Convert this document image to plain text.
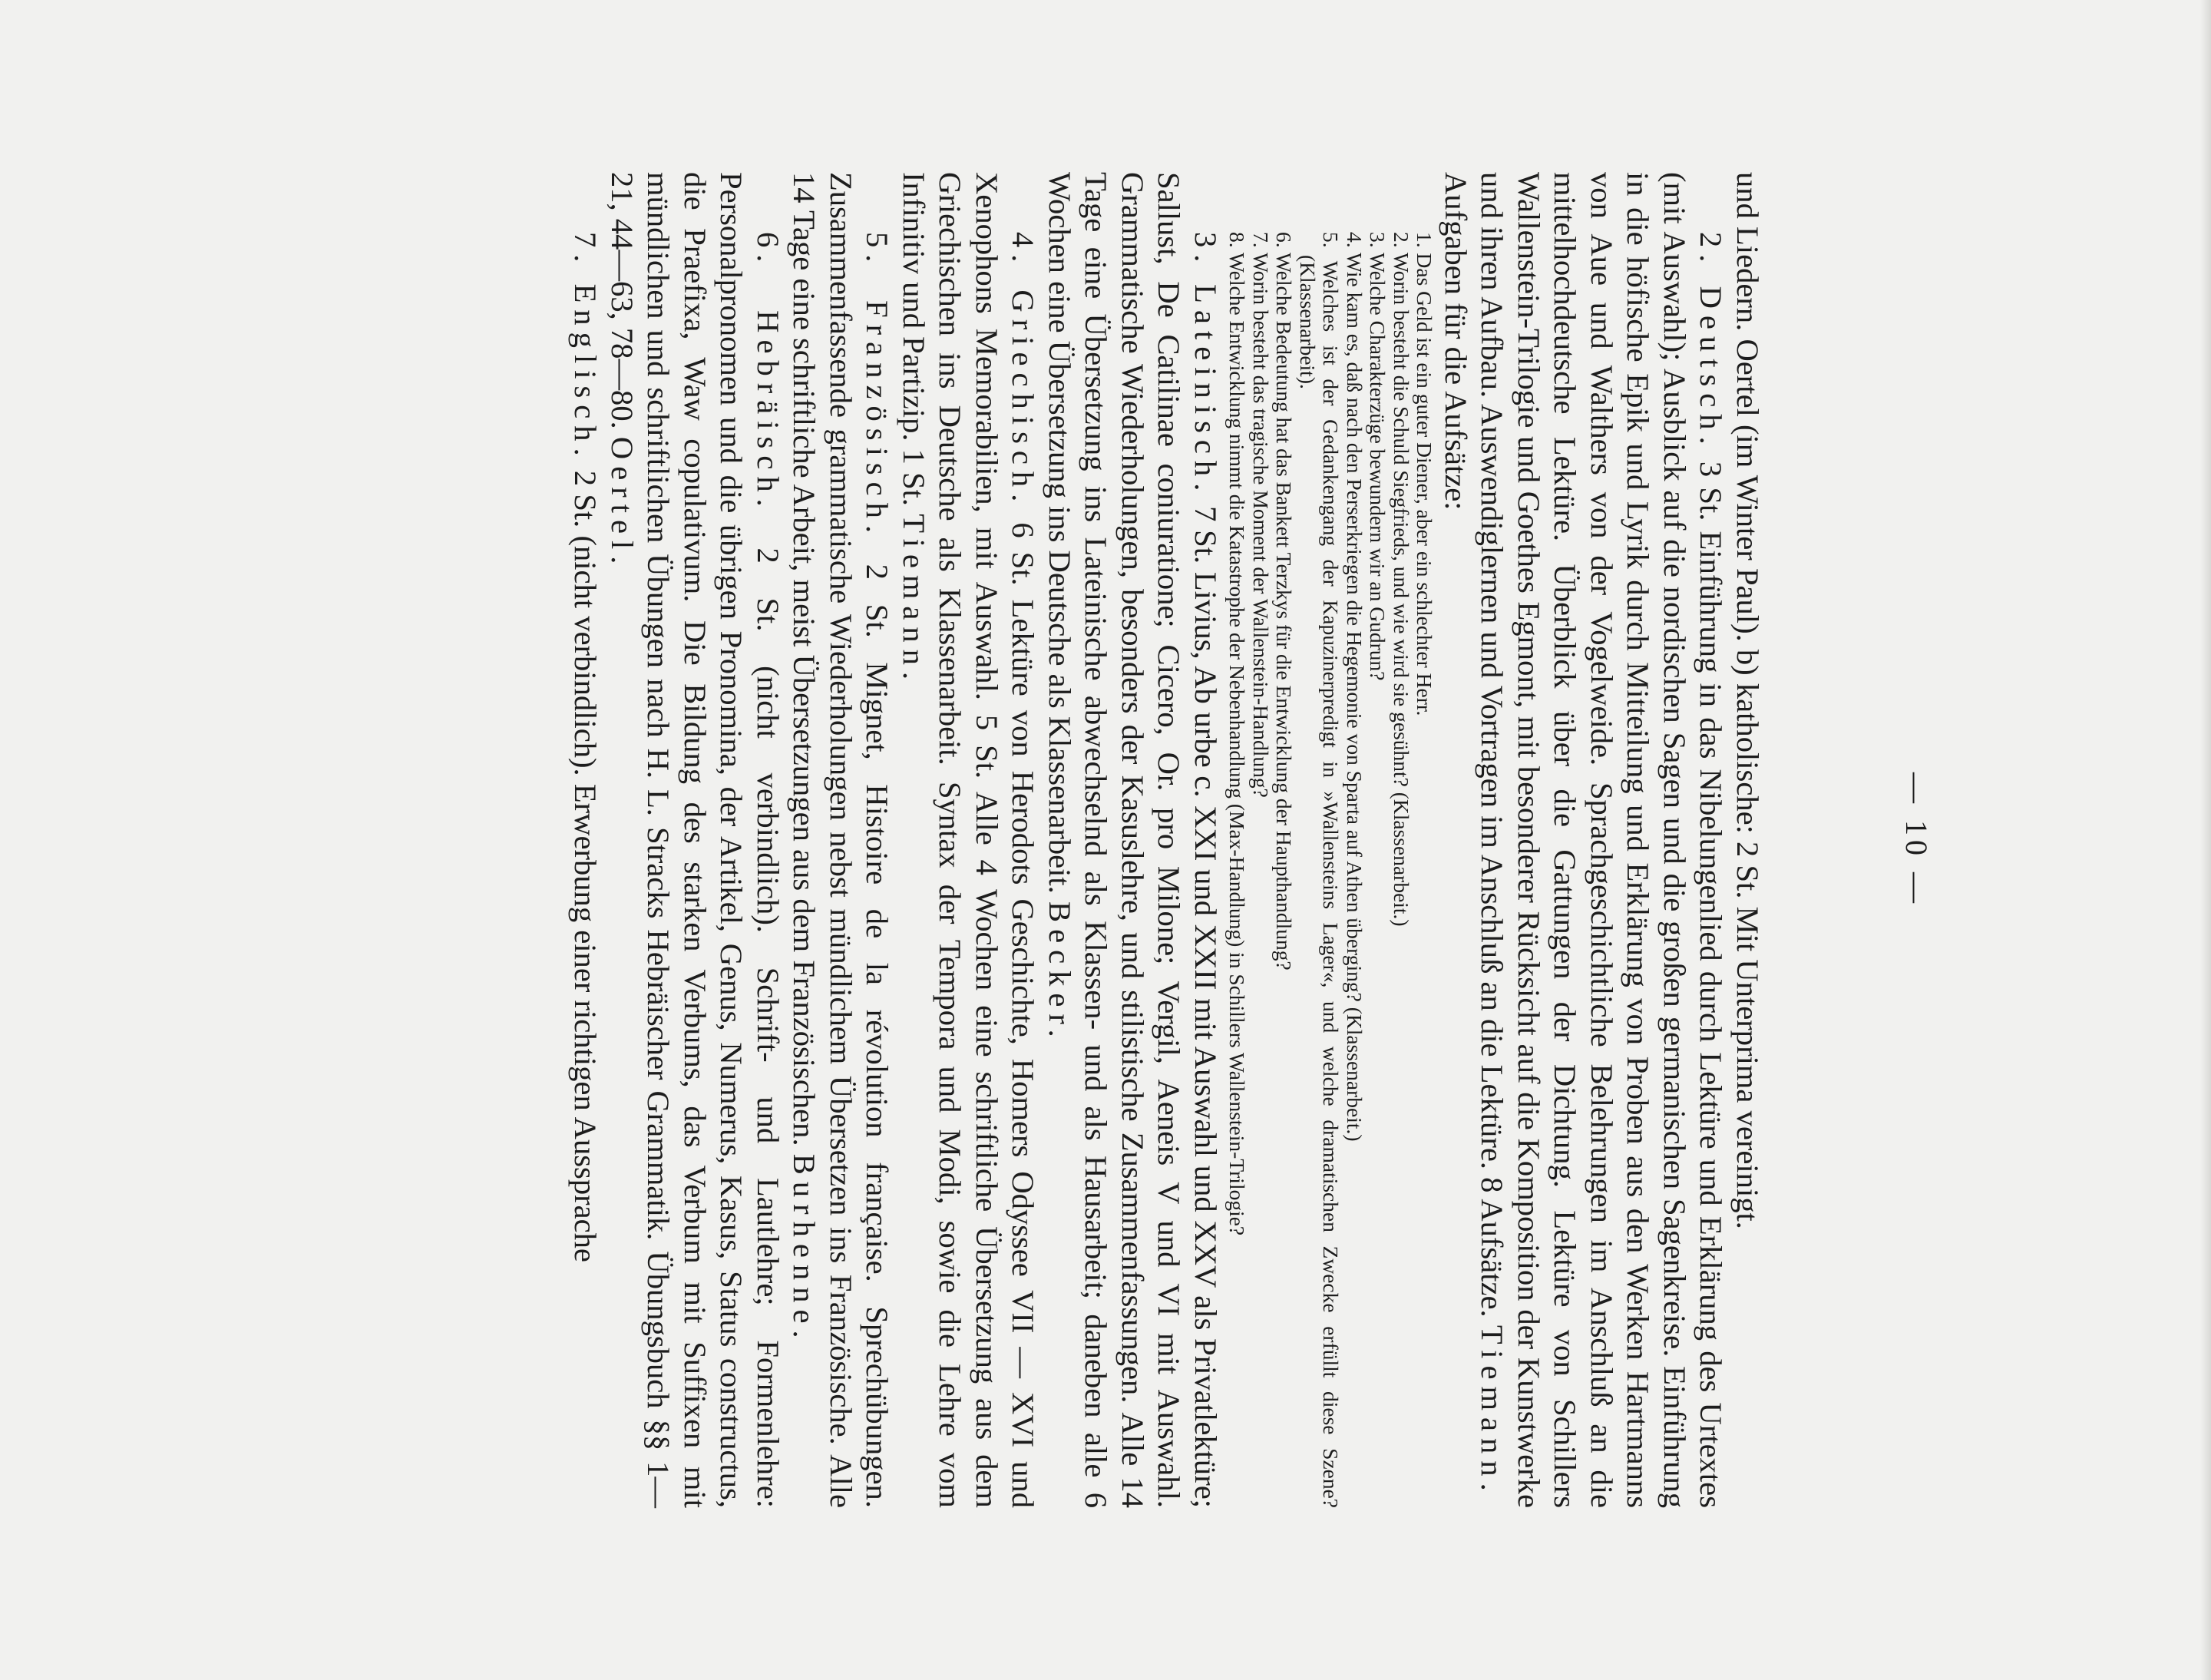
— 10 —

und Liedern. Oertel (im Winter Paul). b) katholische: 2 St. Mit Unterprima vereinigt.

2. Deutsch. 3 St. Einführung in das Nibelungenlied durch Lektüre und Erklärung des Urtextes (mit Auswahl); Ausblick auf die nordischen Sagen und die großen germanischen Sagenkreise. Einführung in die höfische Epik und Lyrik durch Mitteilung und Erklärung von Proben aus den Werken Hartmanns von Aue und Walthers von der Vogelweide. Sprachgeschichtliche Belehrungen im Anschluß an die mittelhochdeutsche Lektüre. Überblick über die Gattungen der Dichtung. Lektüre von Schillers Wallenstein-Trilogie und Goethes Egmont, mit besonderer Rücksicht auf die Komposition der Kunstwerke und ihren Aufbau. Auswendiglernen und Vortragen im Anschluß an die Lektüre. 8 Aufsätze. Tiemann.

Aufgaben für die Aufsätze:

1. Das Geld ist ein guter Diener, aber ein schlechter Herr.
2. Worin besteht die Schuld Siegfrieds, und wie wird sie gesühnt? (Klassenarbeit.)
3. Welche Charakterzüge bewundern wir an Gudrun?
4. Wie kam es, daß nach den Perserkriegen die Hegemonie von Sparta auf Athen überging? (Klassenarbeit.)
5. Welches ist der Gedankengang der Kapuzinerpredigt in »Wallensteins Lager«, und welche dramatischen Zwecke erfüllt diese Szene? (Klassenarbeit).
6. Welche Bedeutung hat das Bankett Terzkys für die Entwicklung der Haupthandlung?
7. Worin besteht das tragische Moment der Wallenstein-Handlung?
8. Welche Entwicklung nimmt die Katastrophe der Nebenhandlung (Max-Handlung) in Schillers Wallenstein-Trilogie?

3. Lateinisch. 7 St. Livius, Ab urbe c. XXI und XXII mit Auswahl und XXV als Privatlektüre; Sallust, De Catilinae coniuratione; Cicero, Or. pro Milone; Vergil, Aeneis V und VI mit Auswahl. Grammatische Wiederholungen, besonders der Kasuslehre, und stilistische Zusammenfassungen. Alle 14 Tage eine Übersetzung ins Lateinische abwechselnd als Klassen- und als Hausarbeit; daneben alle 6 Wochen eine Übersetzung ins Deutsche als Klassenarbeit. Becker.

4. Griechisch. 6 St. Lektüre von Herodots Geschichte, Homers Odyssee VII — XVI und Xenophons Memorabilien, mit Auswahl. 5 St. Alle 4 Wochen eine schriftliche Übersetzung aus dem Griechischen ins Deutsche als Klassenarbeit. Syntax der Tempora und Modi, sowie die Lehre vom Infinitiv und Partizip. 1 St. Tiemann.

5. Französisch. 2 St. Mignet, Histoire de la révolution française. Sprechübungen. Zusammenfassende grammatische Wiederholungen nebst mündlichem Übersetzen ins Französische. Alle 14 Tage eine schriftliche Arbeit, meist Übersetzungen aus dem Französischen. Burhenne.

6. Hebräisch. 2 St. (nicht verbindlich). Schrift- und Lautlehre; Formenlehre: Personalpronomen und die übrigen Pronomina, der Artikel, Genus, Numerus, Kasus, Status constructus, die Praefixa, Waw copulativum. Die Bildung des starken Verbums, das Verbum mit Suffixen mit mündlichen und schriftlichen Übungen nach H. L. Stracks Hebräischer Grammatik. Übungsbuch §§ 1—21, 44—63, 78—80. Oertel.

7. Englisch. 2 St. (nicht verbindlich). Erwerbung einer richtigen Aussprache
